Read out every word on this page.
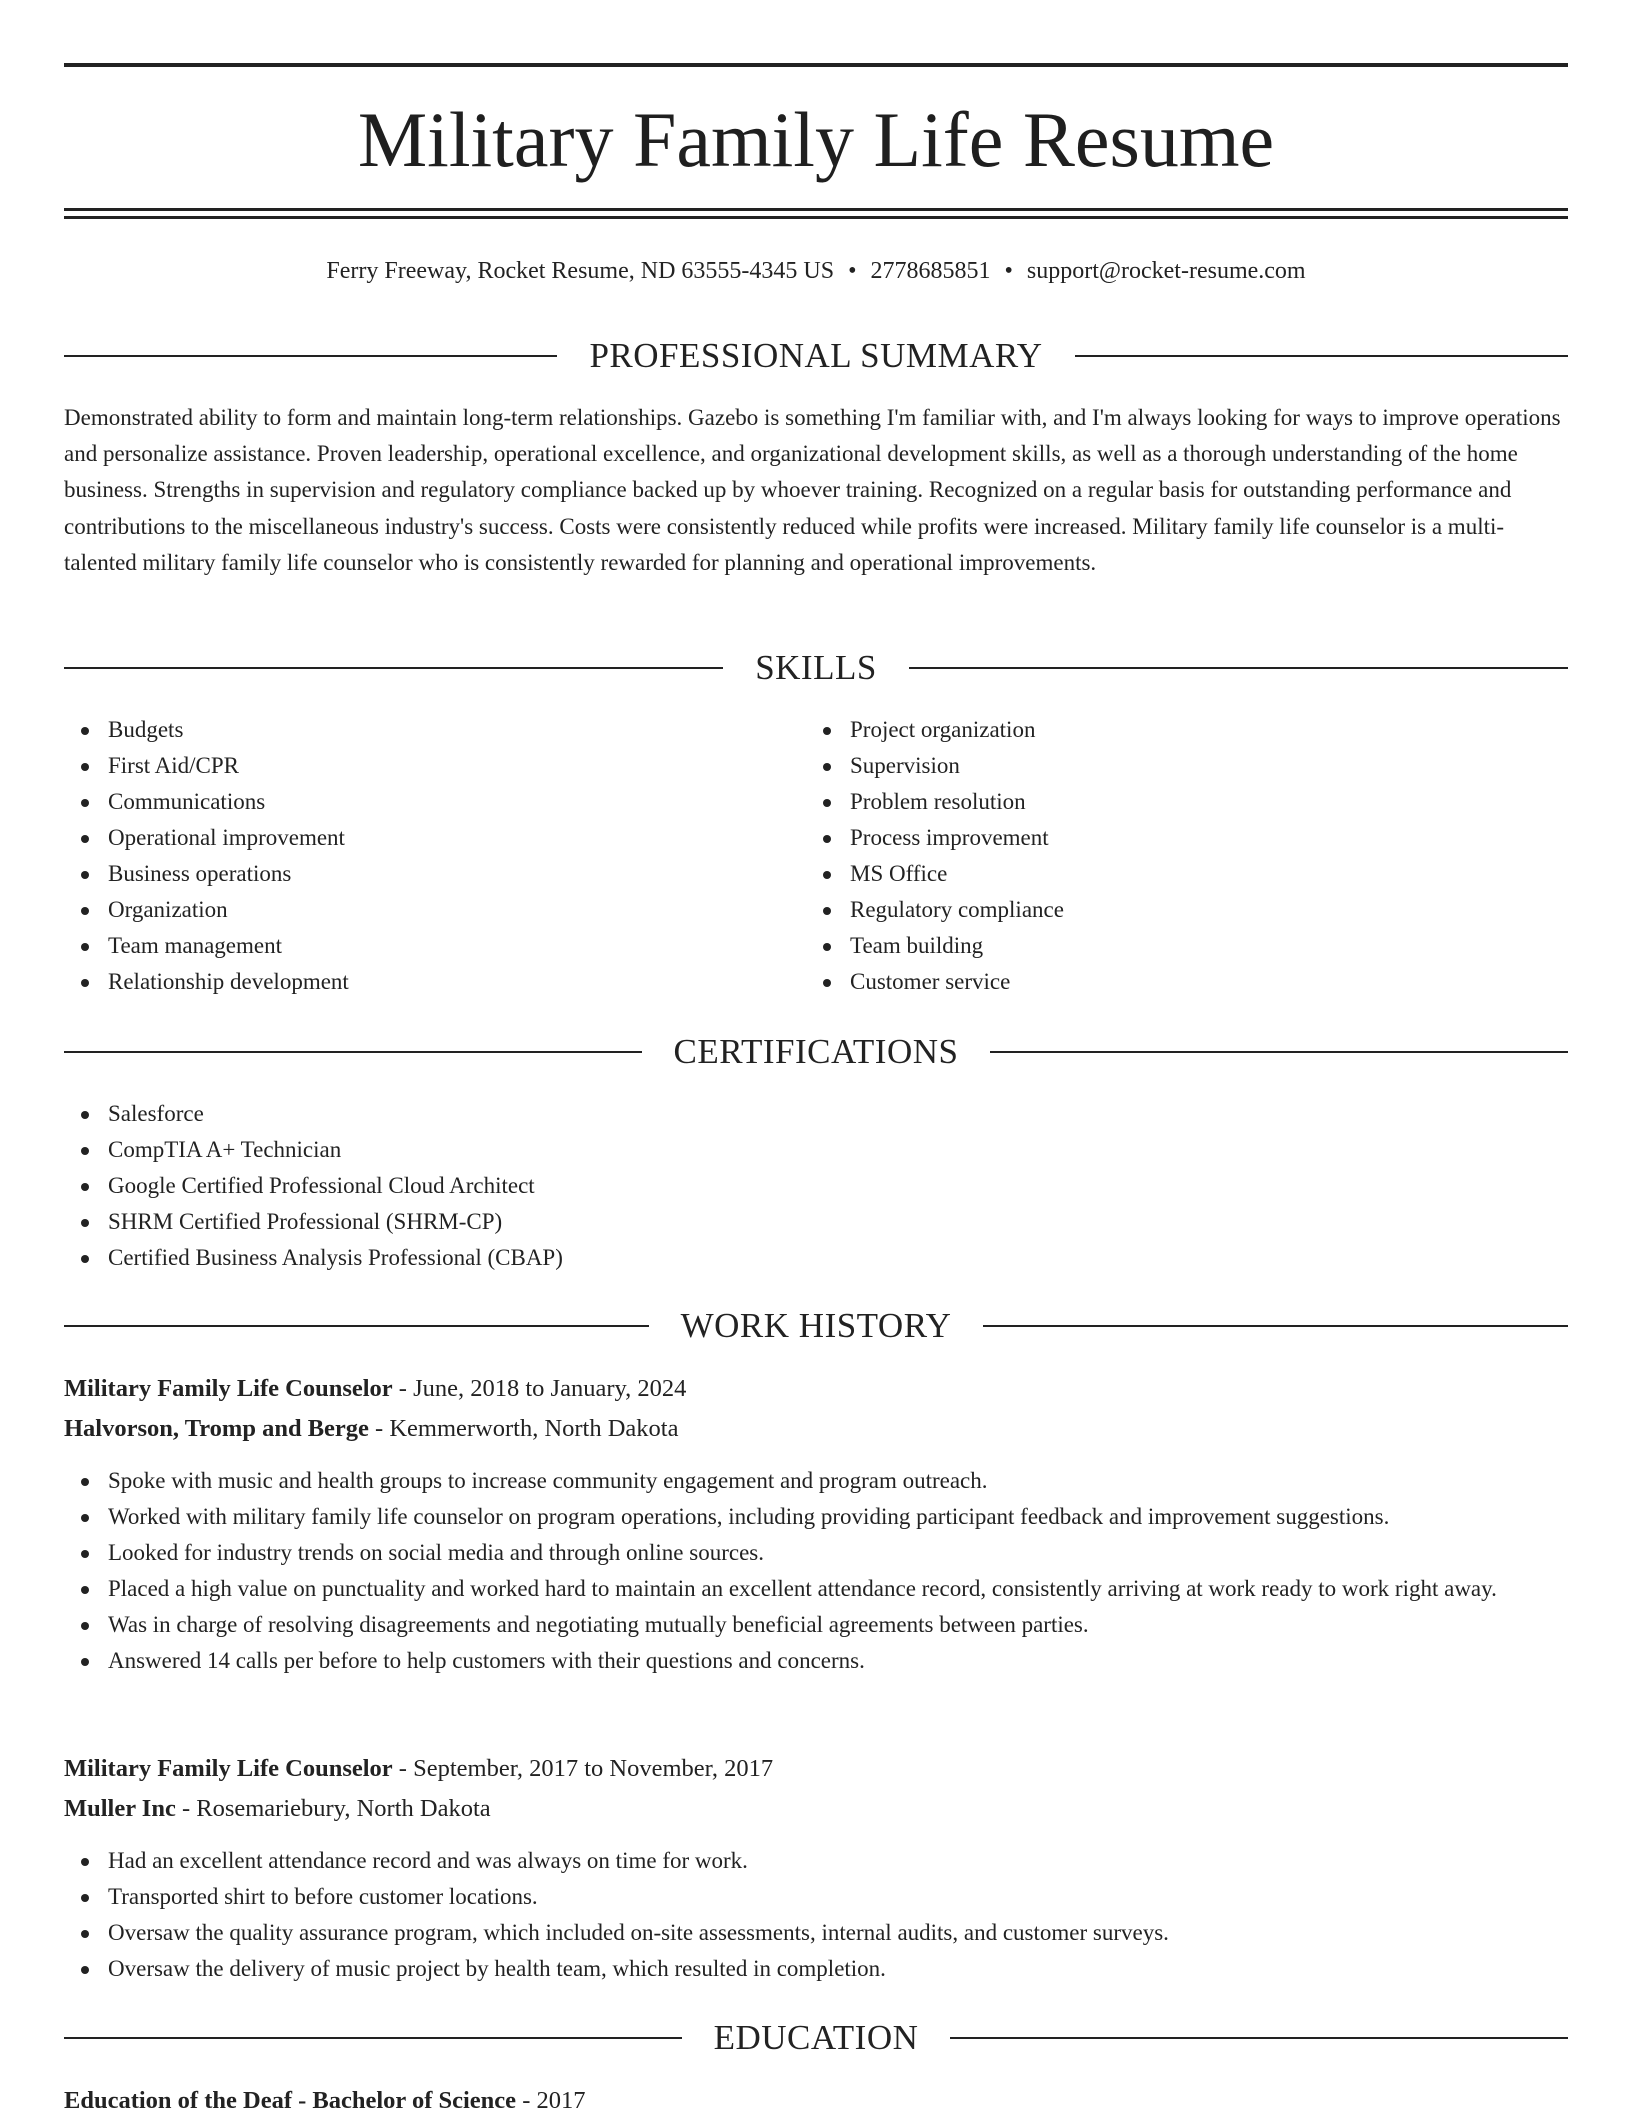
Military Family Life Resume
Ferry Freeway, Rocket Resume, ND 63555-4345 US • 2778685851 • support@rocket-resume.com
PROFESSIONAL SUMMARY

Demonstrated ability to form and maintain long-term relationships. Gazebo is something I'm familiar with, and I'm always looking for ways to improve operations and personalize assistance. Proven leadership, operational excellence, and organizational development skills, as well as a thorough understanding of the home business. Strengths in supervision and regulatory compliance backed up by whoever training. Recognized on a regular basis for outstanding performance and contributions to the miscellaneous industry's success. Costs were consistently reduced while profits were increased. Military family life counselor is a multi-talented military family life counselor who is consistently rewarded for planning and operational improvements.

SKILLS
Budgets
First Aid/CPR
Communications
Operational improvement
Business operations
Organization
Team management
Relationship development
Project organization
Supervision
Problem resolution
Process improvement
MS Office
Regulatory compliance
Team building
Customer service
CERTIFICATIONS
Salesforce
CompTIA A+ Technician
Google Certified Professional Cloud Architect
SHRM Certified Professional (SHRM-CP)
Certified Business Analysis Professional (CBAP)
WORK HISTORY
Military Family Life Counselor - June, 2018 to January, 2024
Halvorson, Tromp and Berge - Kemmerworth, North Dakota
Spoke with music and health groups to increase community engagement and program outreach.
Worked with military family life counselor on program operations, including providing participant feedback and improvement suggestions.
Looked for industry trends on social media and through online sources.
Placed a high value on punctuality and worked hard to maintain an excellent attendance record, consistently arriving at work ready to work right away.
Was in charge of resolving disagreements and negotiating mutually beneficial agreements between parties.
Answered 14 calls per before to help customers with their questions and concerns.
Military Family Life Counselor - September, 2017 to November, 2017
Muller Inc - Rosemariebury, North Dakota
Had an excellent attendance record and was always on time for work.
Transported shirt to before customer locations.
Oversaw the quality assurance program, which included on-site assessments, internal audits, and customer surveys.
Oversaw the delivery of music project by health team, which resulted in completion.
EDUCATION
Education of the Deaf - Bachelor of Science - 2017
